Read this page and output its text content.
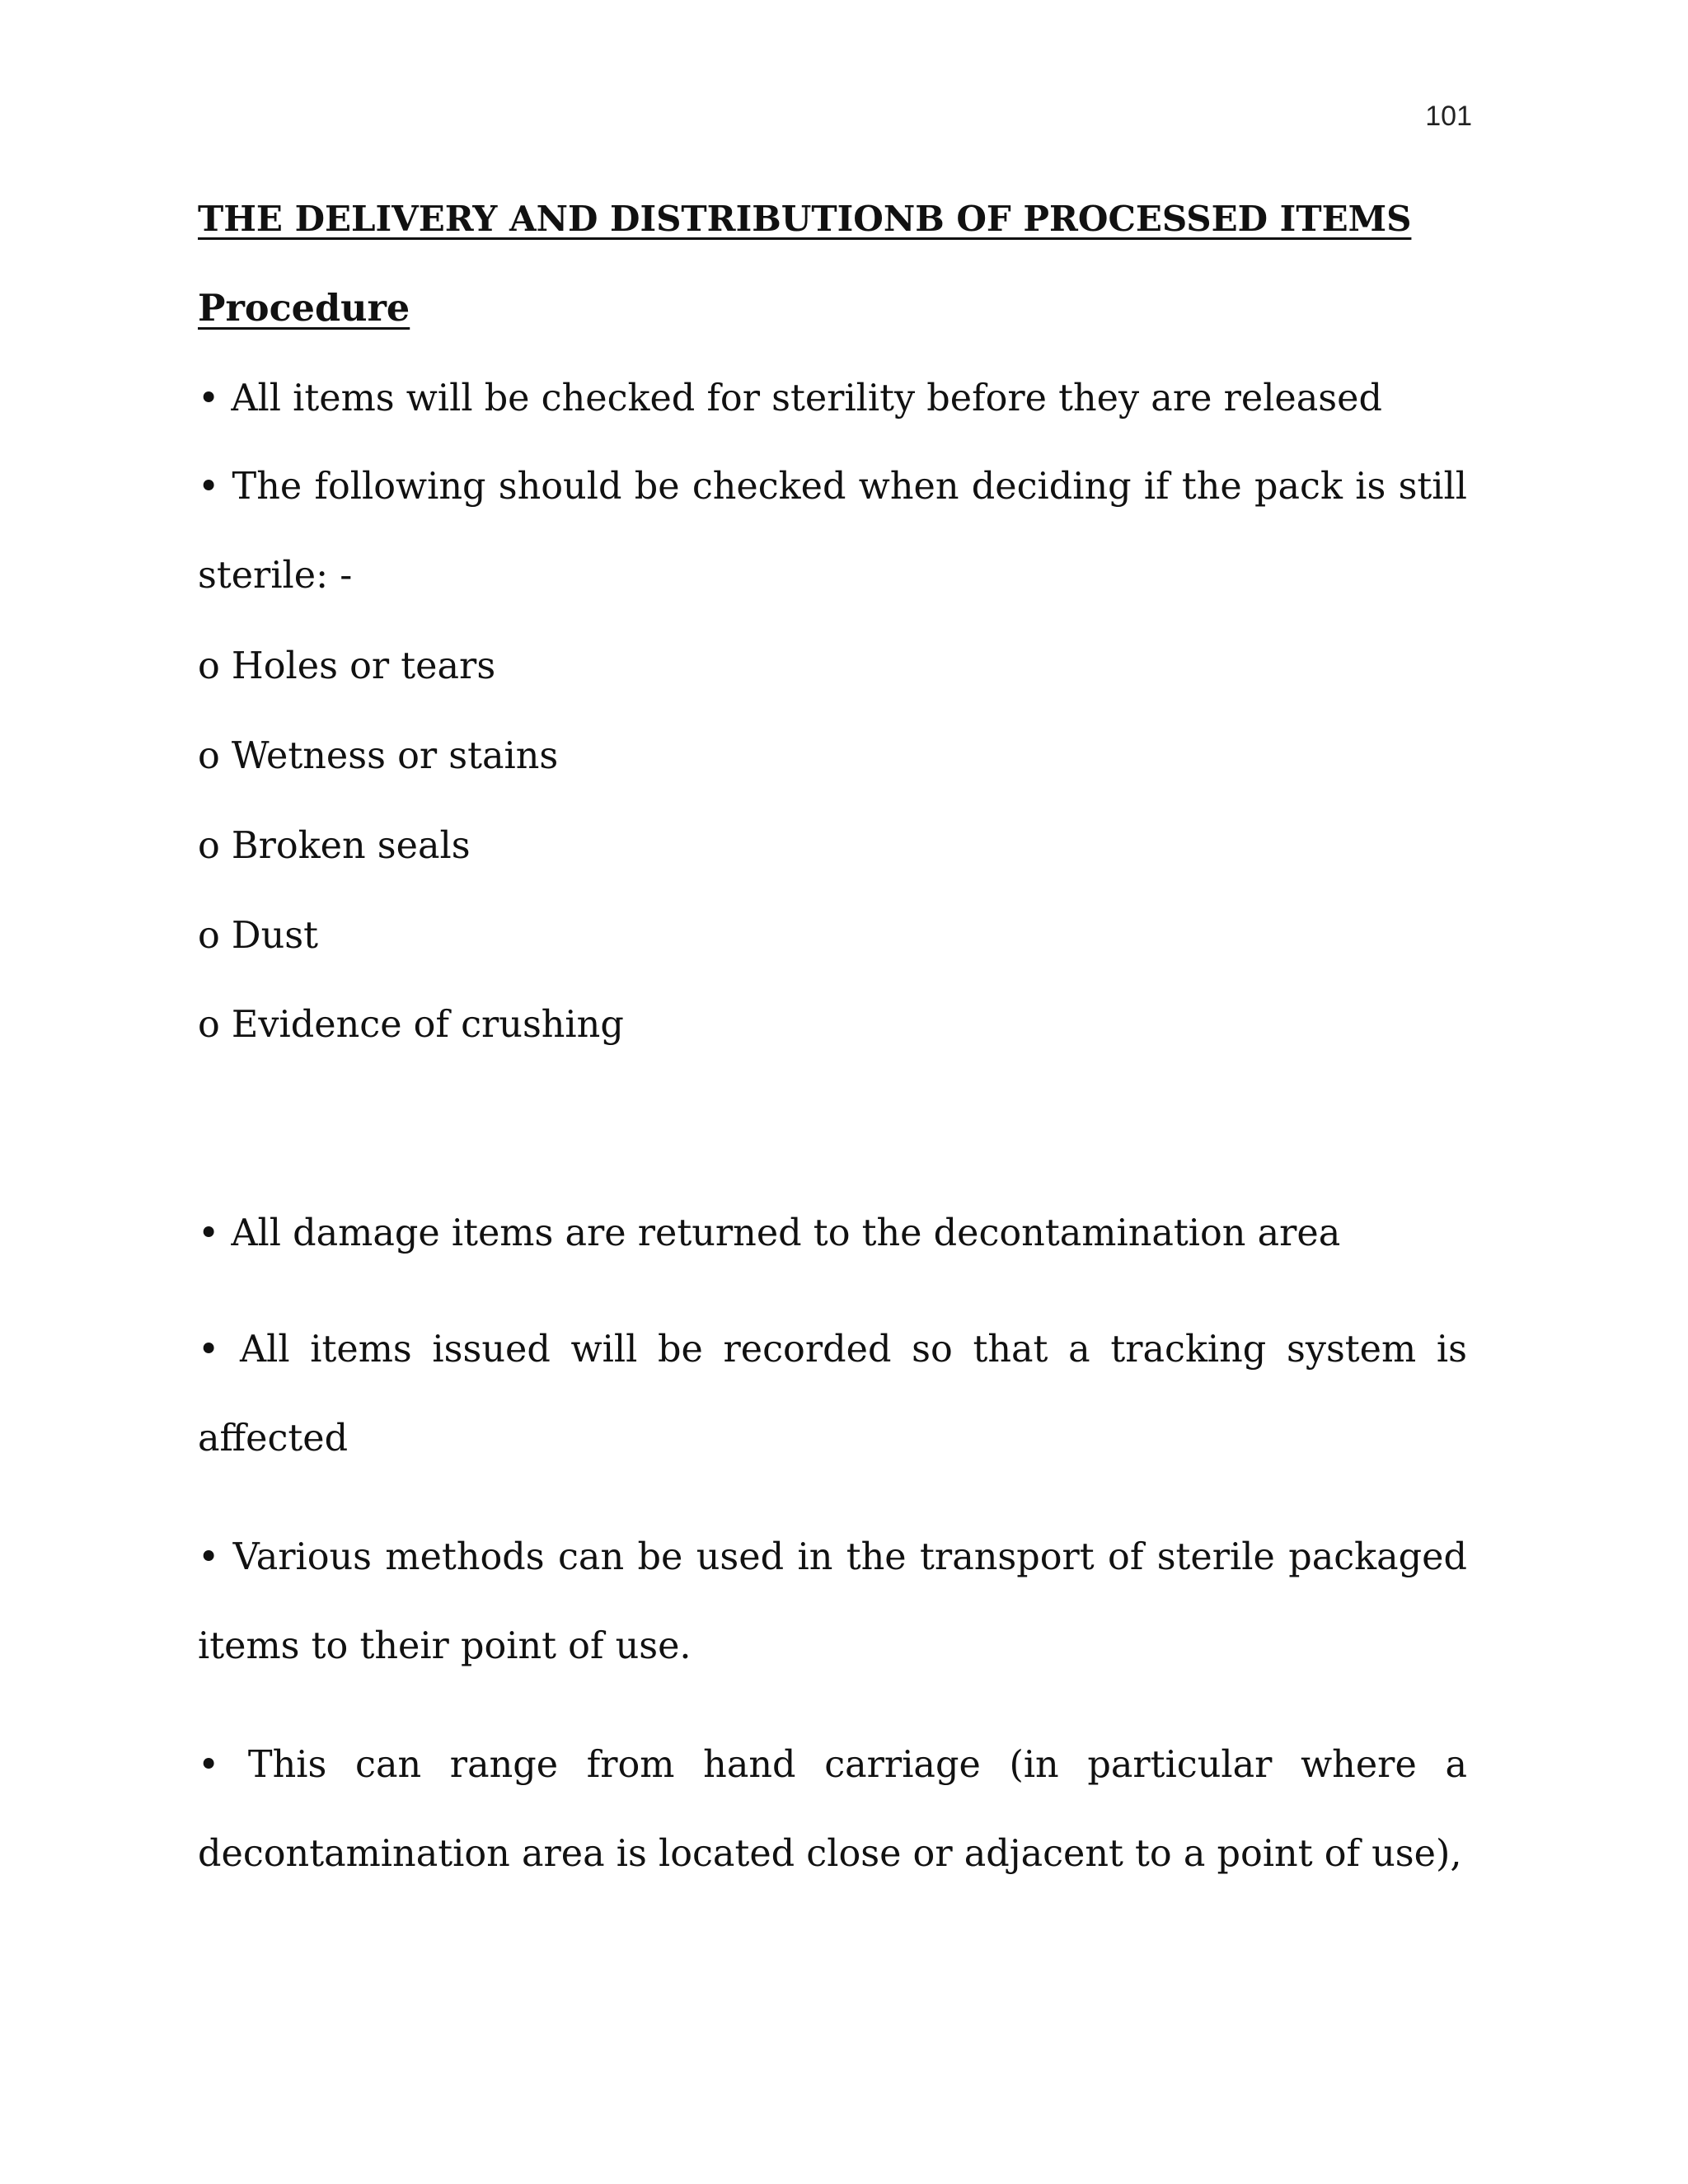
101
THE DELIVERY AND DISTRIBUTIONB OF PROCESSED ITEMS
Procedure

• All items will be checked for sterility before they are released

• The following should be checked when deciding if the pack is still sterile: -

o Holes or tears
o Wetness or stains
o Broken seals
o Dust
o Evidence of crushing

• All damage items are returned to the decontamination area

• All items issued will be recorded so that a tracking system is affected

• Various methods can be used in the transport of sterile packaged items to their point of use.

• This can range from hand carriage (in particular where a decontamination area is located close or adjacent to a point of use),
